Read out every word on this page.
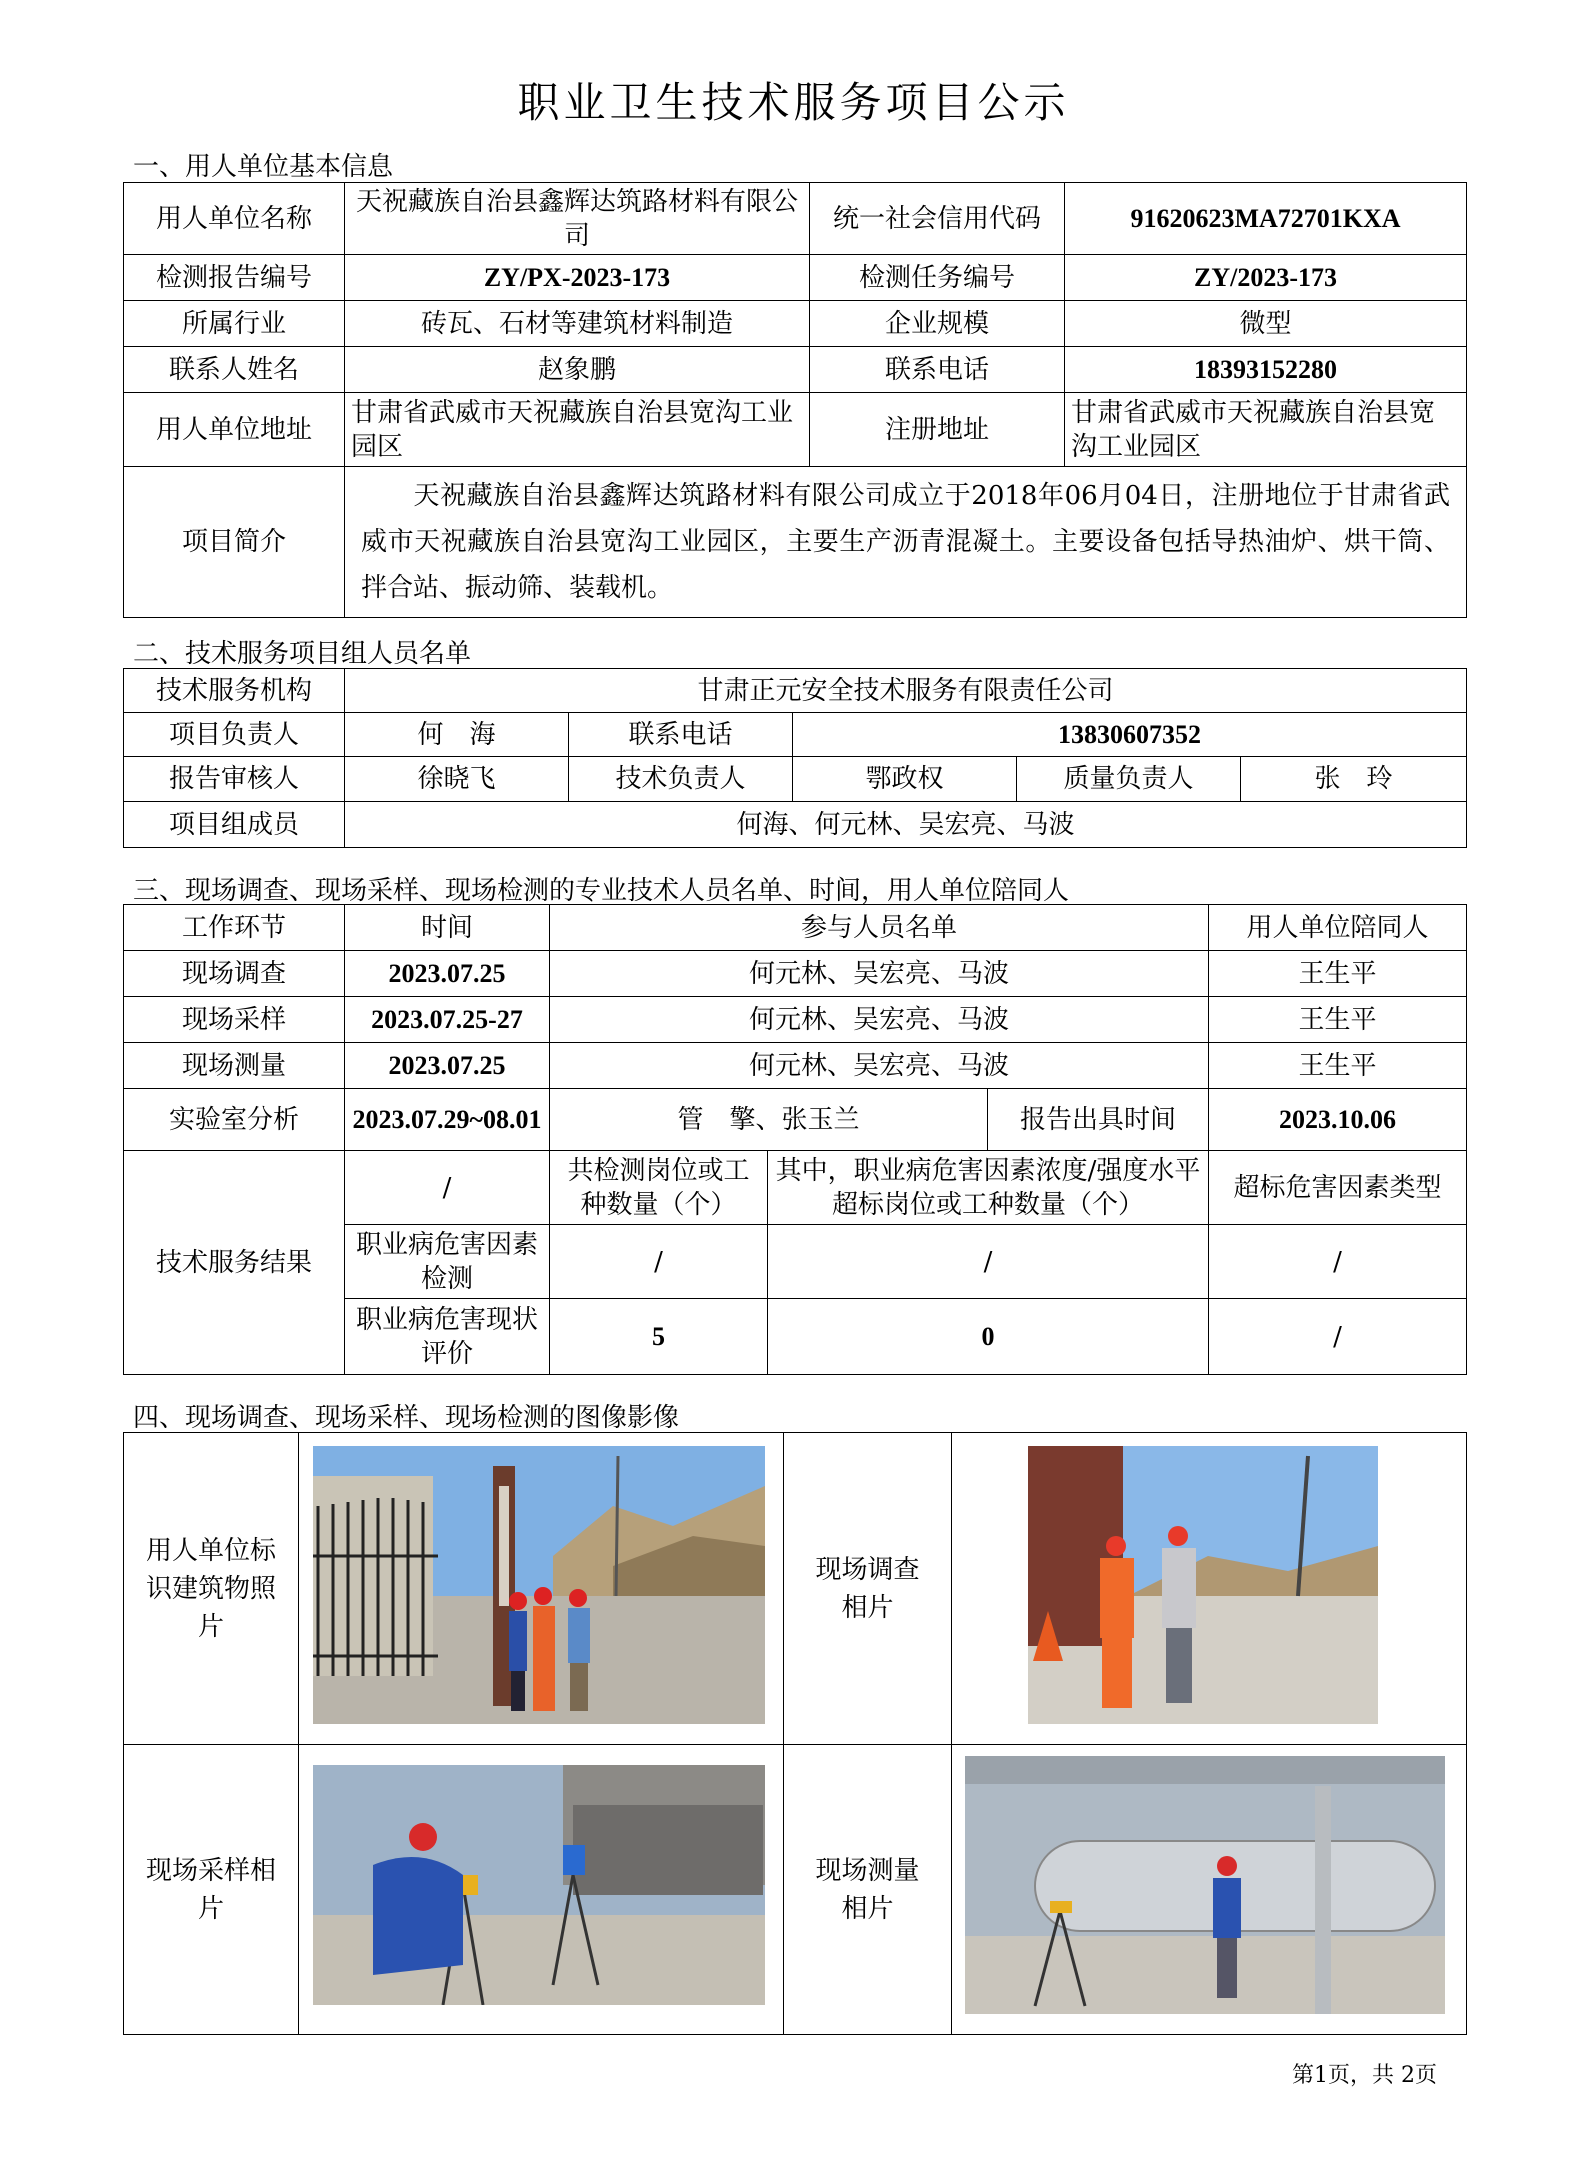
职业卫生技术服务项目公示
一、用人单位基本信息
用人单位名称	天祝藏族自治县鑫辉达筑路材料有限公司	统一社会信用代码	91620623MA72701KXA
检测报告编号	ZY/PX-2023-173	检测任务编号	ZY/2023-173
所属行业	砖瓦、石材等建筑材料制造	企业规模	微型
联系人姓名	赵象鹏	联系电话	18393152280
用人单位地址	甘肃省武威市天祝藏族自治县宽沟工业园区	注册地址	甘肃省武威市天祝藏族自治县宽沟工业园区
项目简介	天祝藏族自治县鑫辉达筑路材料有限公司成立于2018年06月04日，注册地位于甘肃省武威市天祝藏族自治县宽沟工业园区，主要生产沥青混凝土。主要设备包括导热油炉、烘干筒、拌合站、振动筛、装载机。		
二、技术服务项目组人员名单
技术服务机构	甘肃正元安全技术服务有限责任公司				
项目负责人	何　海	联系电话	13830607352		
报告审核人	徐晓飞	技术负责人	鄂政权	质量负责人	张　玲
项目组成员	何海、何元林、吴宏亮、马波				
三、现场调查、现场采样、现场检测的专业技术人员名单、时间，用人单位陪同人
工作环节	时间	参与人员名单			用人单位陪同人
现场调查	2023.07.25	何元林、吴宏亮、马波			王生平
现场采样	2023.07.25-27	何元林、吴宏亮、马波			王生平
现场测量	2023.07.25	何元林、吴宏亮、马波			王生平
实验室分析	2023.07.29~08.01	管　擎、张玉兰		报告出具时间	2023.10.06
技术服务结果	/	共检测岗位或工种数量（个）	其中，职业病危害因素浓度/强度水平超标岗位或工种数量（个）		超标危害因素类型
	职业病危害因素检测	/	/		/
	职业病危害现状评价	5	0		/
四、现场调查、现场采样、现场检测的图像影像
用人单位标识建筑物照片		现场调查相片	
现场采样相片		现场测量相片	
第1页，共 2页
